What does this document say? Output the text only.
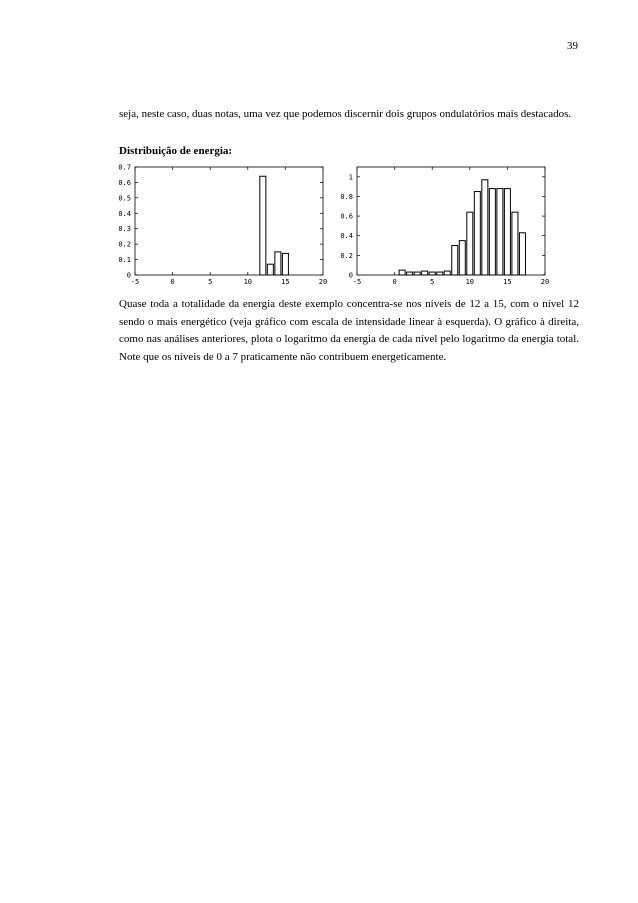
39

seja, neste caso, duas notas, uma vez que podemos discernir dois grupos ondulatórios mais destacados.

Distribuição de energia:

-5	0	5	10	15	20
0
0.1
0.2
0.3
0.4
0.5
0.6
0.7
-5	0	5	10	15	20
0
0.2
0.4
0.6
0.8
1

Quase toda a totalidade da energia deste exemplo concentra-se nos níveis de 12 a 15, com o nível 12 sendo o mais energético (veja gráfico com escala de intensidade linear à esquerda). O gráfico à direita, como nas análises anteriores, plota o logaritmo da energia de cada nível pelo logaritmo da energia total. Note que os níveis de 0 a 7 praticamente não contribuem energeticamente.
